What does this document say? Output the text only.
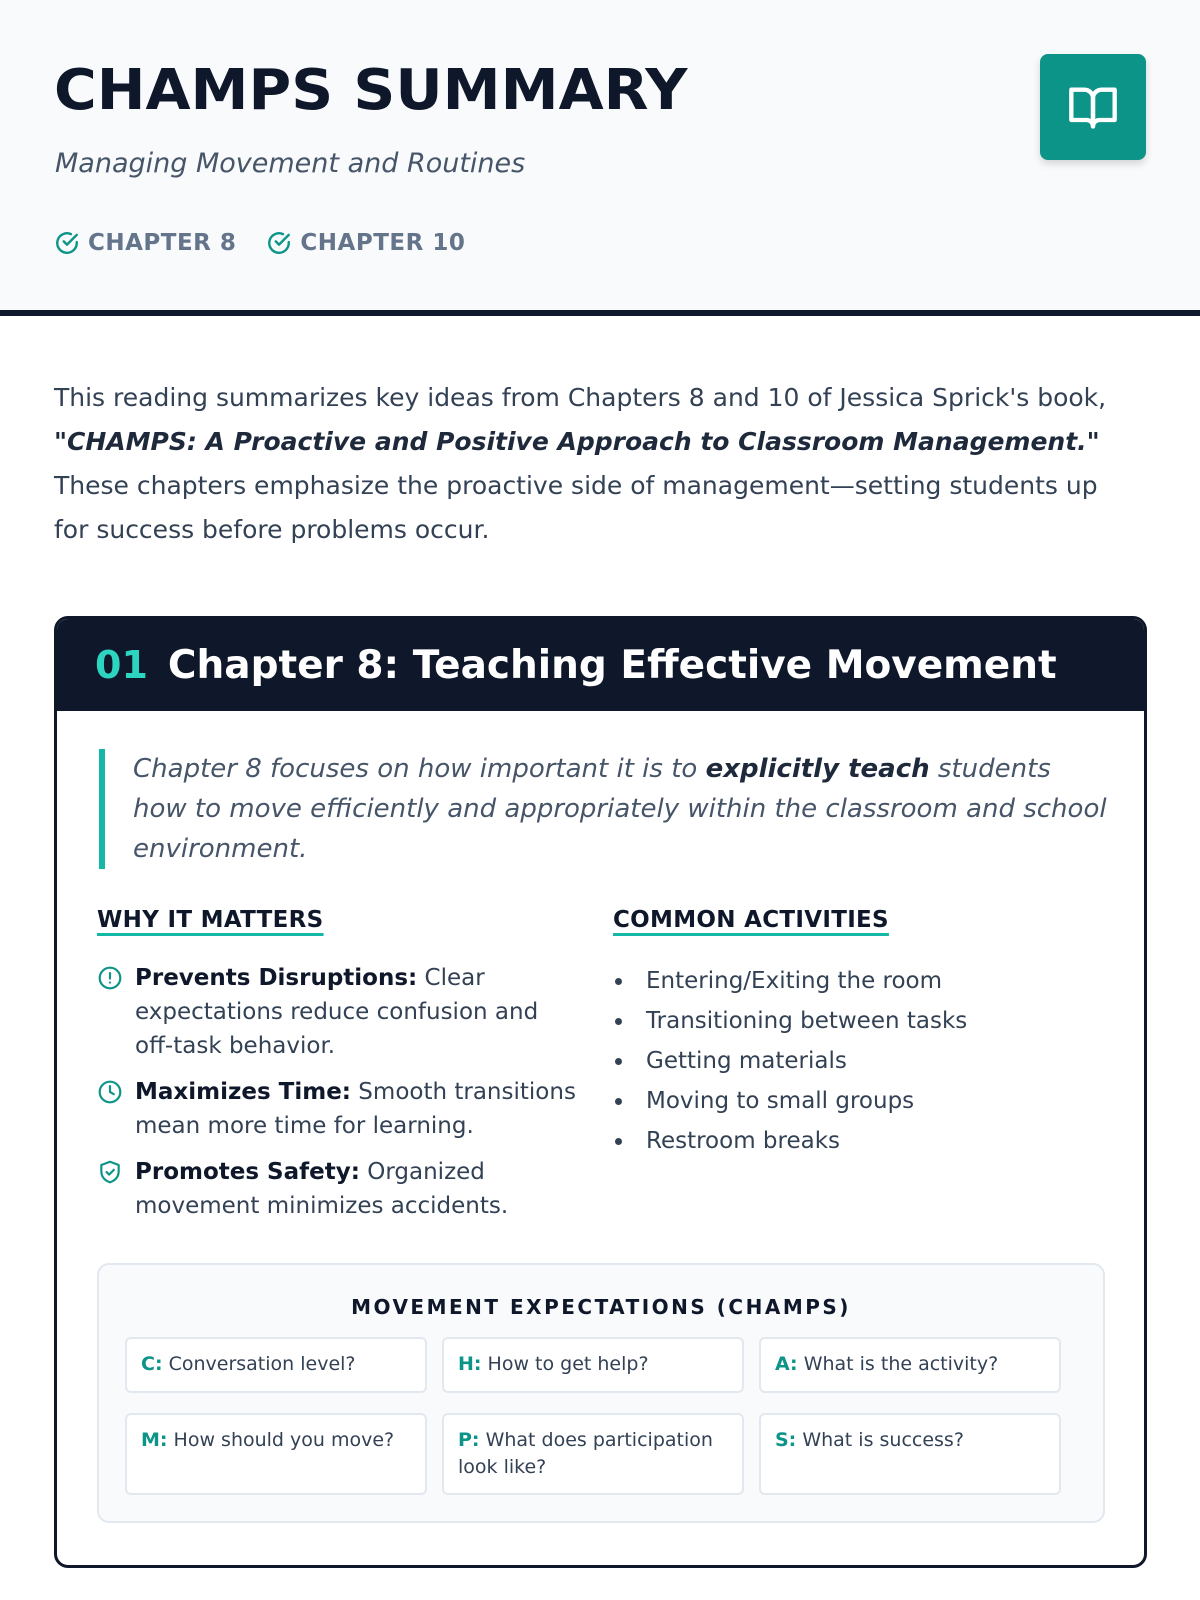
CHAMPS SUMMARY
Managing Movement and Routines
CHAPTER 8	CHAPTER 10

This reading summarizes key ideas from Chapters 8 and 10 of Jessica Sprick's book, "CHAMPS: A Proactive and Positive Approach to Classroom Management." These chapters emphasize the proactive side of management—setting students up for success before problems occur.

01 Chapter 8: Teaching Effective Movement
Chapter 8 focuses on how important it is to explicitly teach students how to move efficiently and appropriately within the classroom and school environment.
WHY IT MATTERS
Prevents Disruptions: Clear expectations reduce confusion and off-task behavior.
Maximizes Time: Smooth transitions mean more time for learning.
Promotes Safety: Organized movement minimizes accidents.
COMMON ACTIVITIES
Entering/Exiting the room
Transitioning between tasks
Getting materials
Moving to small groups
Restroom breaks
MOVEMENT EXPECTATIONS (CHAMPS)
C: Conversation level?	H: How to get help?	A: What is the activity?
M: How should you move?	P: What does participation look like?
S: What is success?
